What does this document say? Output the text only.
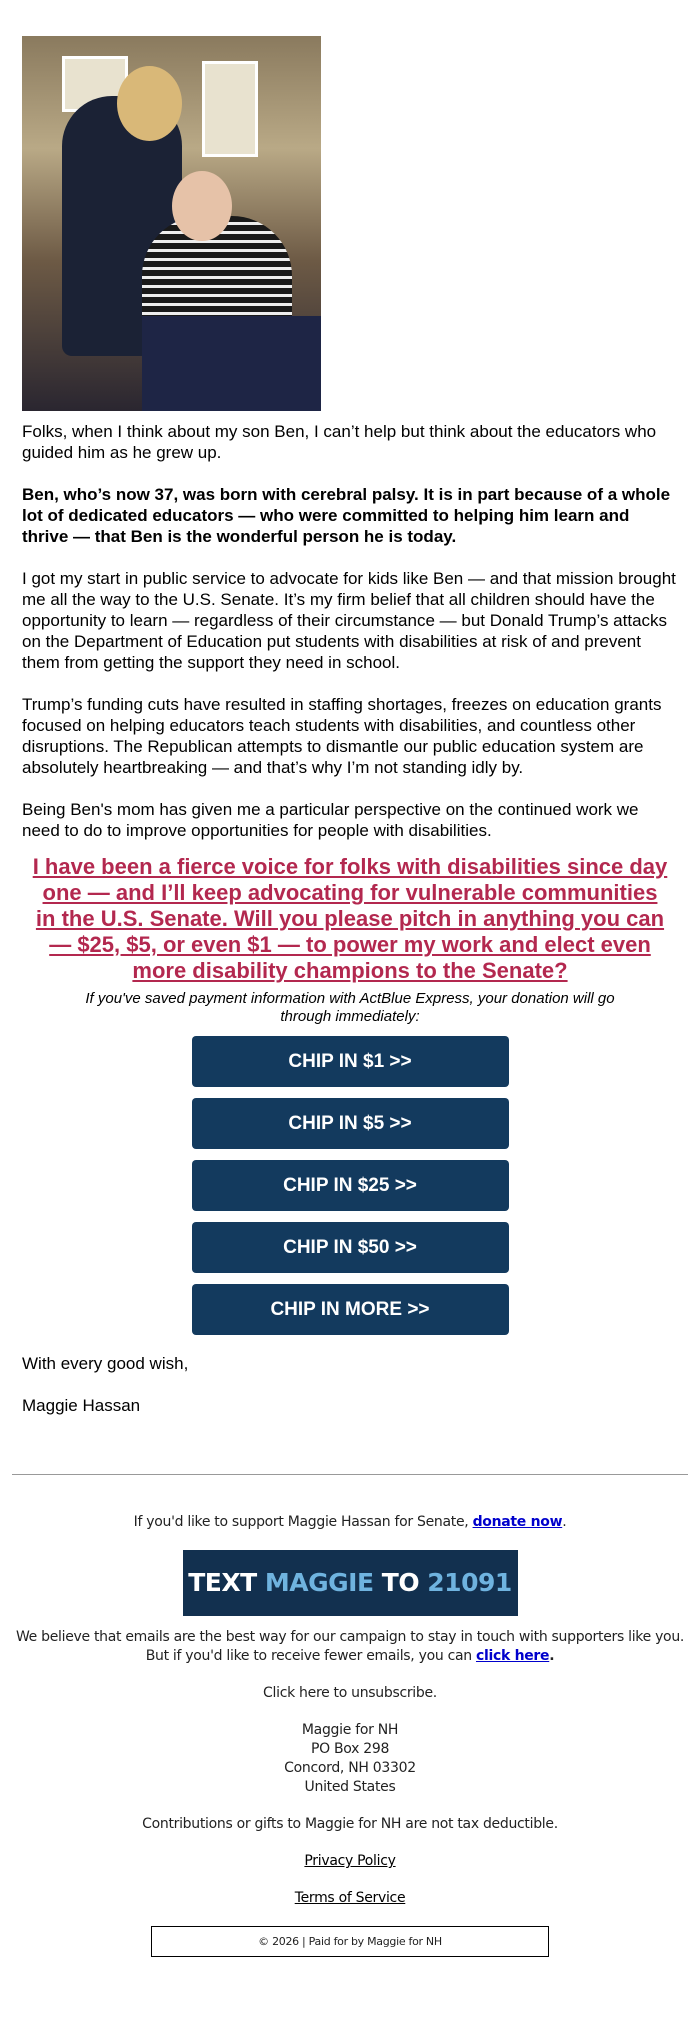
Folks, when I think about my son Ben, I can’t help but think about the educators who guided him as he grew up.

Ben, who’s now 37, was born with cerebral palsy. It is in part because of a whole lot of dedicated educators — who were committed to helping him learn and thrive — that Ben is the wonderful person he is today.

I got my start in public service to advocate for kids like Ben — and that mission brought me all the way to the U.S. Senate. It’s my firm belief that all children should have the opportunity to learn — regardless of their circumstance — but Donald Trump’s attacks on the Department of Education put students with disabilities at risk of and prevent them from getting the support they need in school.

Trump’s funding cuts have resulted in staffing shortages, freezes on education grants focused on helping educators teach students with disabilities, and countless other disruptions. The Republican attempts to dismantle our public education system are absolutely heartbreaking — and that’s why I’m not standing idly by.

Being Ben's mom has given me a particular perspective on the continued work we need to do to improve opportunities for people with disabilities.

I have been a fierce voice for folks with disabilities since day one — and I’ll keep advocating for vulnerable communities in the U.S. Senate. Will you please pitch in anything you can — $25, $5, or even $1 — to power my work and elect even more disability champions to the Senate?
If you've saved payment information with ActBlue Express, your donation will go through immediately:
CHIP IN $1 >>
CHIP IN $5 >>
CHIP IN $25 >>
CHIP IN $50 >>
CHIP IN MORE >>

With every good wish,

Maggie Hassan

If you'd like to support Maggie Hassan for Senate, donate now.

TEXT MAGGIE TO 21091

We believe that emails are the best way for our campaign to stay in touch with supporters like you. But if you'd like to receive fewer emails, you can click here.

Click here to unsubscribe.

Maggie for NH
PO Box 298
Concord, NH 03302
United States

Contributions or gifts to Maggie for NH are not tax deductible.

Privacy Policy

Terms of Service

© 2026 | Paid for by Maggie for NH
